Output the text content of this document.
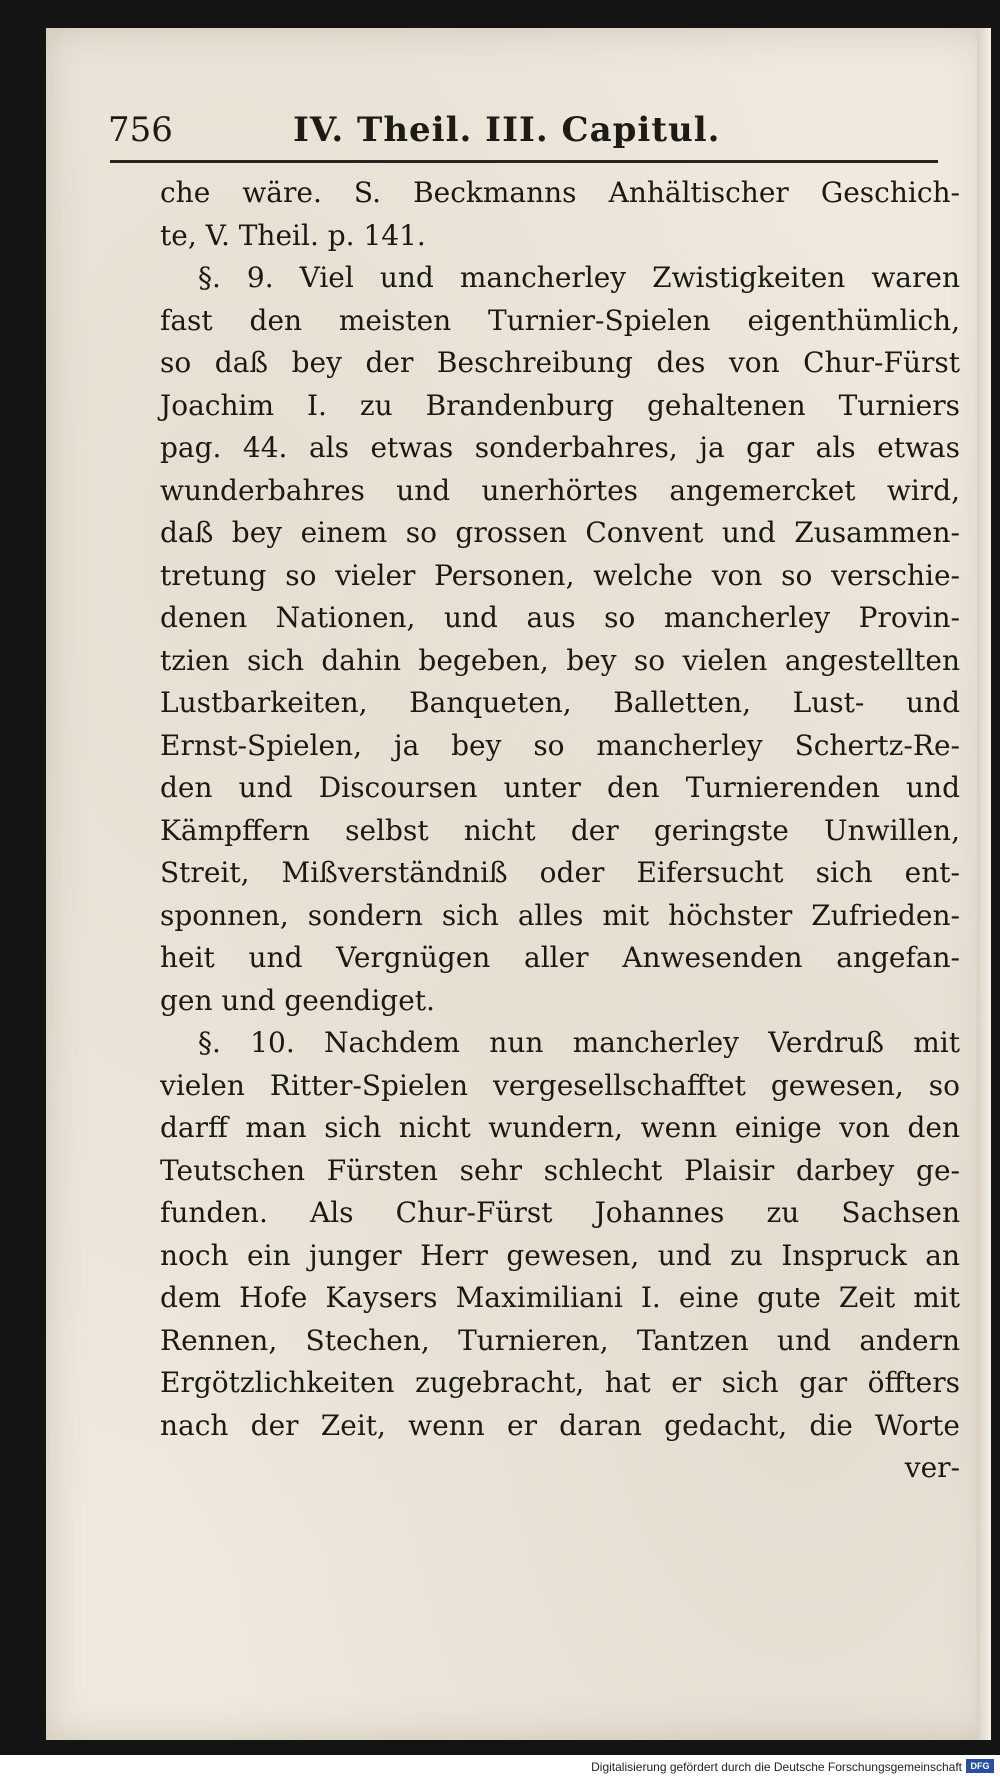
756	IV. Theil. III. Capitul.
che wäre. S. Beckmanns Anhältischer Geschich-
te, V. Theil. p. 141.
§. 9. Viel und mancherley Zwistigkeiten waren
fast den meisten Turnier-Spielen eigenthümlich,
so daß bey der Beschreibung des von Chur-Fürst
Joachim I. zu Brandenburg gehaltenen Turniers
pag. 44. als etwas sonderbahres, ja gar als etwas
wunderbahres und unerhörtes angemercket wird,
daß bey einem so grossen Convent und Zusammen-
tretung so vieler Personen, welche von so verschie-
denen Nationen, und aus so mancherley Provin-
tzien sich dahin begeben, bey so vielen angestellten
Lustbarkeiten, Banqueten, Balletten, Lust- und
Ernst-Spielen, ja bey so mancherley Schertz-Re-
den und Discoursen unter den Turnierenden und
Kämpffern selbst nicht der geringste Unwillen,
Streit, Mißverständniß oder Eifersucht sich ent-
sponnen, sondern sich alles mit höchster Zufrieden-
heit und Vergnügen aller Anwesenden angefan-
gen und geendiget.
§. 10. Nachdem nun mancherley Verdruß mit
vielen Ritter-Spielen vergesellschafftet gewesen, so
darff man sich nicht wundern, wenn einige von den
Teutschen Fürsten sehr schlecht Plaisir darbey ge-
funden. Als Chur-Fürst Johannes zu Sachsen
noch ein junger Herr gewesen, und zu Inspruck an
dem Hofe Kaysers Maximiliani I. eine gute Zeit mit
Rennen, Stechen, Turnieren, Tantzen und andern
Ergötzlichkeiten zugebracht, hat er sich gar öffters
nach der Zeit, wenn er daran gedacht, die Worte
ver-
Digitalisierung gefördert durch die Deutsche Forschungsgemeinschaft DFG
